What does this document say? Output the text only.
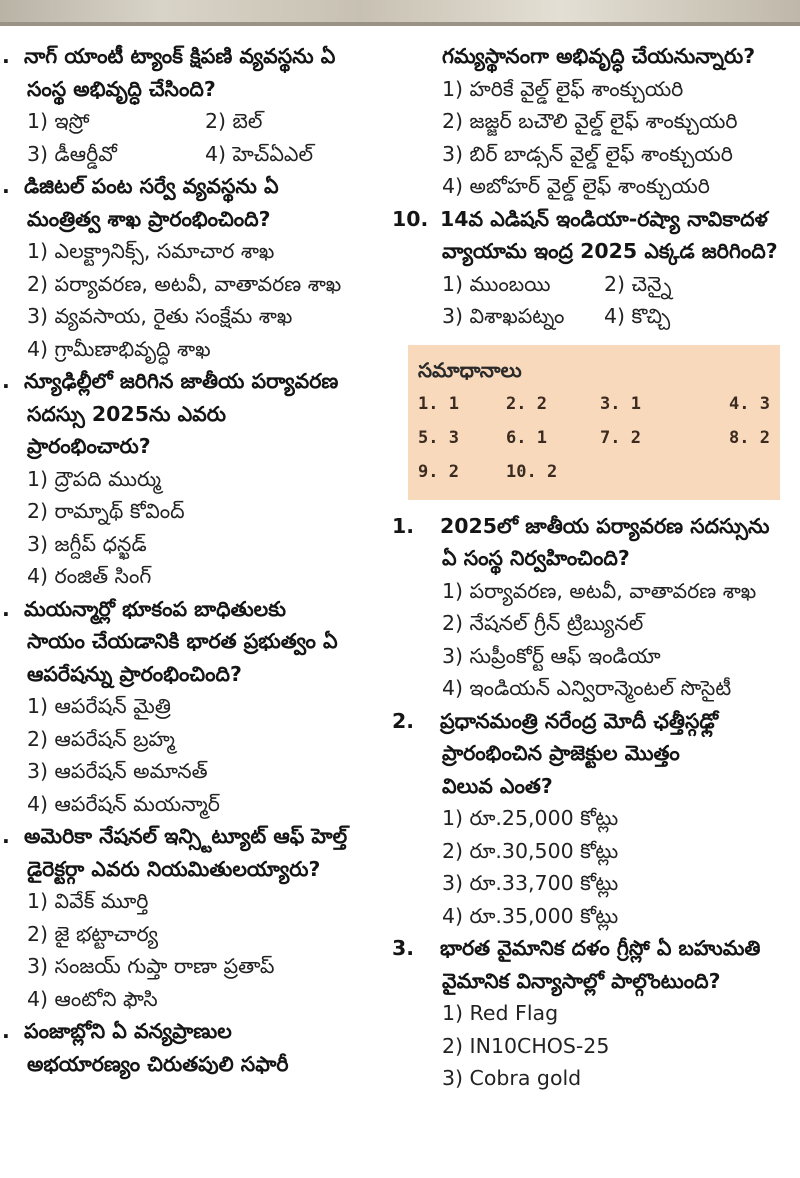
. నాగ్ యాంటీ ట్యాంక్ క్షిపణి వ్యవస్థను ఏ
సంస్థ అభివృద్ధి చేసింది?
1) ఇస్రో	2) బెల్
3) డీఆర్డీవో	4) హెచ్ఏఎల్
. డిజిటల్ పంట సర్వే వ్యవస్థను ఏ
మంత్రిత్వ శాఖ ప్రారంభించింది?
1) ఎలక్ట్రానిక్స్, సమాచార శాఖ
2) పర్యావరణ, అటవీ, వాతావరణ శాఖ
3) వ్యవసాయ, రైతు సంక్షేమ శాఖ
4) గ్రామీణాభివృద్ధి శాఖ
. న్యూఢిల్లీలో జరిగిన జాతీయ పర్యావరణ
సదస్సు 2025ను ఎవరు
ప్రారంభించారు?
1) ద్రౌపది ముర్ము
2) రామ్నాథ్ కోవింద్
3) జగ్దీప్ ధన్ఖడ్
4) రంజిత్ సింగ్
. మయన్మార్లో భూకంప బాధితులకు
సాయం చేయడానికి భారత ప్రభుత్వం ఏ
ఆపరేషన్ను ప్రారంభించింది?
1) ఆపరేషన్ మైత్రి
2) ఆపరేషన్ బ్రహ్మ
3) ఆపరేషన్ అమానత్
4) ఆపరేషన్ మయన్మార్
. అమెరికా నేషనల్ ఇన్స్టిట్యూట్ ఆఫ్ హెల్త్
డైరెక్టర్గా ఎవరు నియమితులయ్యారు?
1) వివేక్ మూర్తి
2) జై భట్టాచార్య
3) సంజయ్ గుప్తా రాణా ప్రతాప్
4) ఆంటోని ఫౌసి
. పంజాబ్లోని ఏ వన్యప్రాణుల
అభయారణ్యం చిరుతపులి సఫారీ
గమ్యస్థానంగా అభివృద్ధి చేయనున్నారు?
1) హరికే వైల్డ్ లైఫ్ శాంక్చుయరి
2) జజ్జర్ బచౌలి వైల్డ్ లైఫ్ శాంక్చుయరి
3) బిర్ బాడ్సన్ వైల్డ్ లైఫ్ శాంక్చుయరి
4) అబోహర్ వైల్డ్ లైఫ్ శాంక్చుయరి
10. 14వ ఎడిషన్ ఇండియా-రష్యా నావికాదళ
వ్యాయామ ఇంద్ర 2025 ఎక్కడ జరిగింది?
1) ముంబయి	2) చెన్నై
3) విశాఖపట్నం	4) కొచ్చి
సమాధానాలు
1. 1	2. 2	3. 1	4. 3
5. 3	6. 1	7. 2	8. 2
9. 2	10. 2
1. 2025లో జాతీయ పర్యావరణ సదస్సును
ఏ సంస్థ నిర్వహించింది?
1) పర్యావరణ, అటవీ, వాతావరణ శాఖ
2) నేషనల్ గ్రీన్ ట్రిబ్యునల్
3) సుప్రీంకోర్ట్ ఆఫ్ ఇండియా
4) ఇండియన్ ఎన్విరాన్మెంటల్ సొసైటీ
2. ప్రధానమంత్రి నరేంద్ర మోదీ ఛత్తీస్గఢ్లో
ప్రారంభించిన ప్రాజెక్టుల మొత్తం
విలువ ఎంత?
1) రూ.25,000 కోట్లు
2) రూ.30,500 కోట్లు
3) రూ.33,700 కోట్లు
4) రూ.35,000 కోట్లు
3. భారత వైమానిక దళం గ్రీస్లో ఏ బహుమతి
వైమానిక విన్యాసాల్లో పాల్గొంటుంది?
1) Red Flag
2) IN10CHOS-25
3) Cobra gold
